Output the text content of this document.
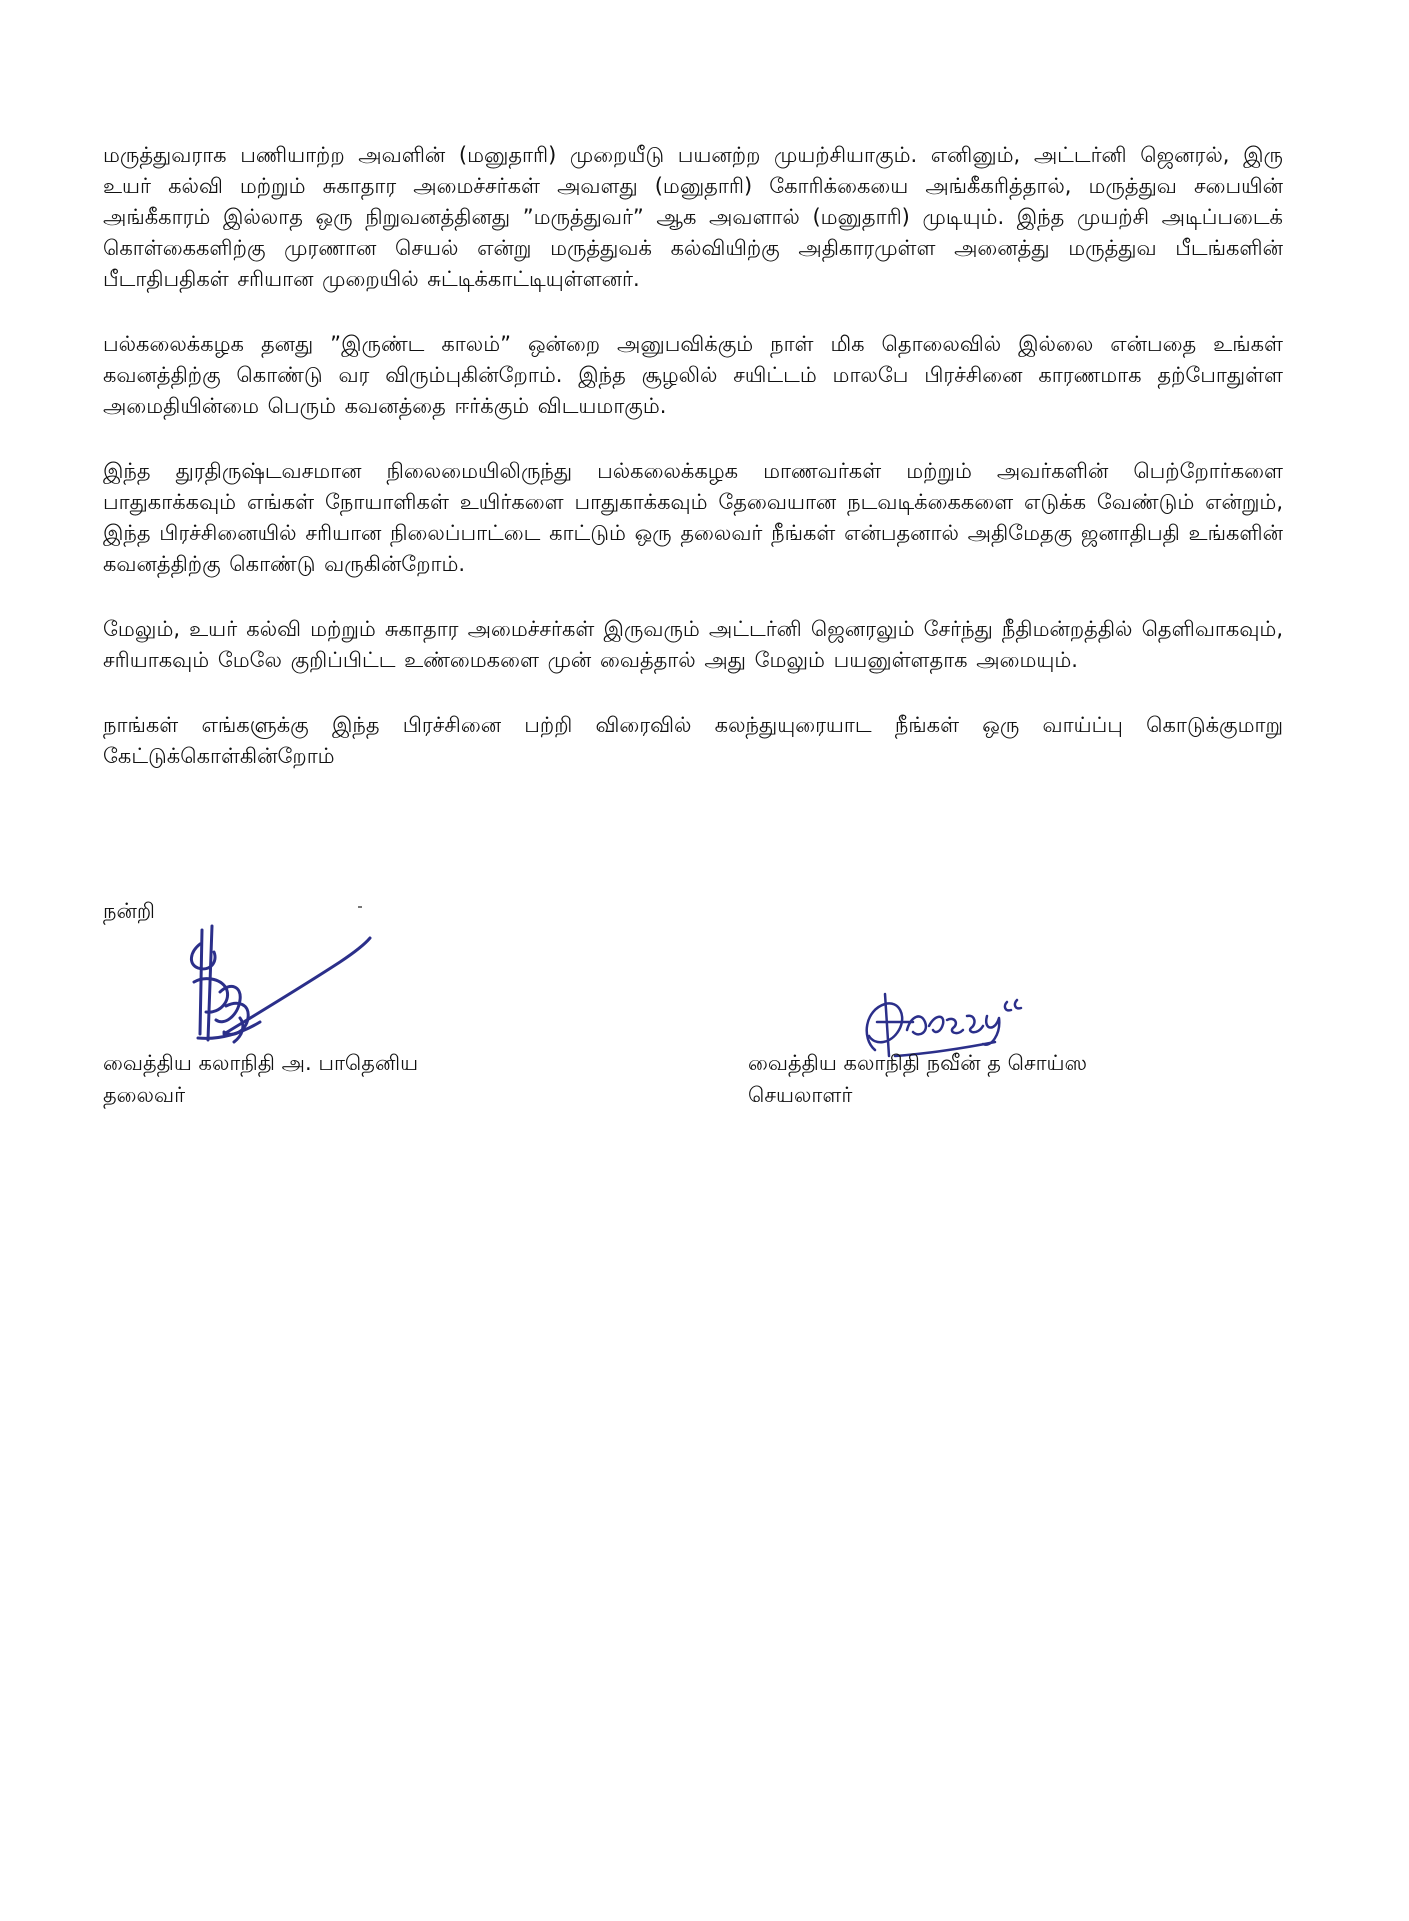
மருத்துவராக பணியாற்ற அவளின் (மனுதாரி) முறையீடு பயனற்ற முயற்சியாகும். எனினும், அட்டர்னி ஜெனரல், இரு உயர் கல்வி மற்றும் சுகாதார அமைச்சர்கள் அவளது (மனுதாரி) கோரிக்கையை அங்கீகரித்தால், மருத்துவ சபையின் அங்கீகாரம் இல்லாத ஒரு நிறுவனத்தினது ”மருத்துவர்” ஆக அவளால் (மனுதாரி) முடியும். இந்த முயற்சி அடிப்படைக் கொள்கைகளிற்கு முரணான செயல் என்று மருத்துவக் கல்வியிற்கு அதிகாரமுள்ள அனைத்து மருத்துவ பீடங்களின் பீடாதிபதிகள் சரியான முறையில் சுட்டிக்காட்டியுள்ளனர்.

பல்கலைக்கழக தனது ”இருண்ட காலம்” ஒன்றை அனுபவிக்கும் நாள் மிக தொலைவில் இல்லை என்பதை உங்கள் கவனத்திற்கு கொண்டு வர விரும்புகின்றோம். இந்த சூழலில் சயிட்டம் மாலபே பிரச்சினை காரணமாக தற்போதுள்ள அமைதியின்மை பெரும் கவனத்தை ஈர்க்கும் விடயமாகும்.

இந்த துரதிருஷ்டவசமான நிலைமையிலிருந்து பல்கலைக்கழக மாணவர்கள் மற்றும் அவர்களின் பெற்றோர்களை பாதுகாக்கவும் எங்கள் நோயாளிகள் உயிர்களை பாதுகாக்கவும் தேவையான நடவடிக்கைகளை எடுக்க வேண்டும் என்றும், இந்த பிரச்சினையில் சரியான நிலைப்பாட்டை காட்டும் ஒரு தலைவர் நீங்கள் என்பதனால் அதிமேதகு ஜனாதிபதி உங்களின் கவனத்திற்கு கொண்டு வருகின்றோம்.

மேலும், உயர் கல்வி மற்றும் சுகாதார அமைச்சர்கள் இருவரும் அட்டர்னி ஜெனரலும் சேர்ந்து நீதிமன்றத்தில் தெளிவாகவும், சரியாகவும் மேலே குறிப்பிட்ட உண்மைகளை முன் வைத்தால் அது மேலும் பயனுள்ளதாக அமையும்.

நாங்கள் எங்களுக்கு இந்த பிரச்சினை பற்றி விரைவில் கலந்துயுரையாட நீங்கள் ஒரு வாய்ப்பு கொடுக்குமாறு கேட்டுக்கொள்கின்றோம்

நன்றி
வைத்திய கலாநிதி அ. பாதெனிய
தலைவர்
வைத்திய கலாநிதி நவீன் த சொய்ஸ
செயலாளர்
